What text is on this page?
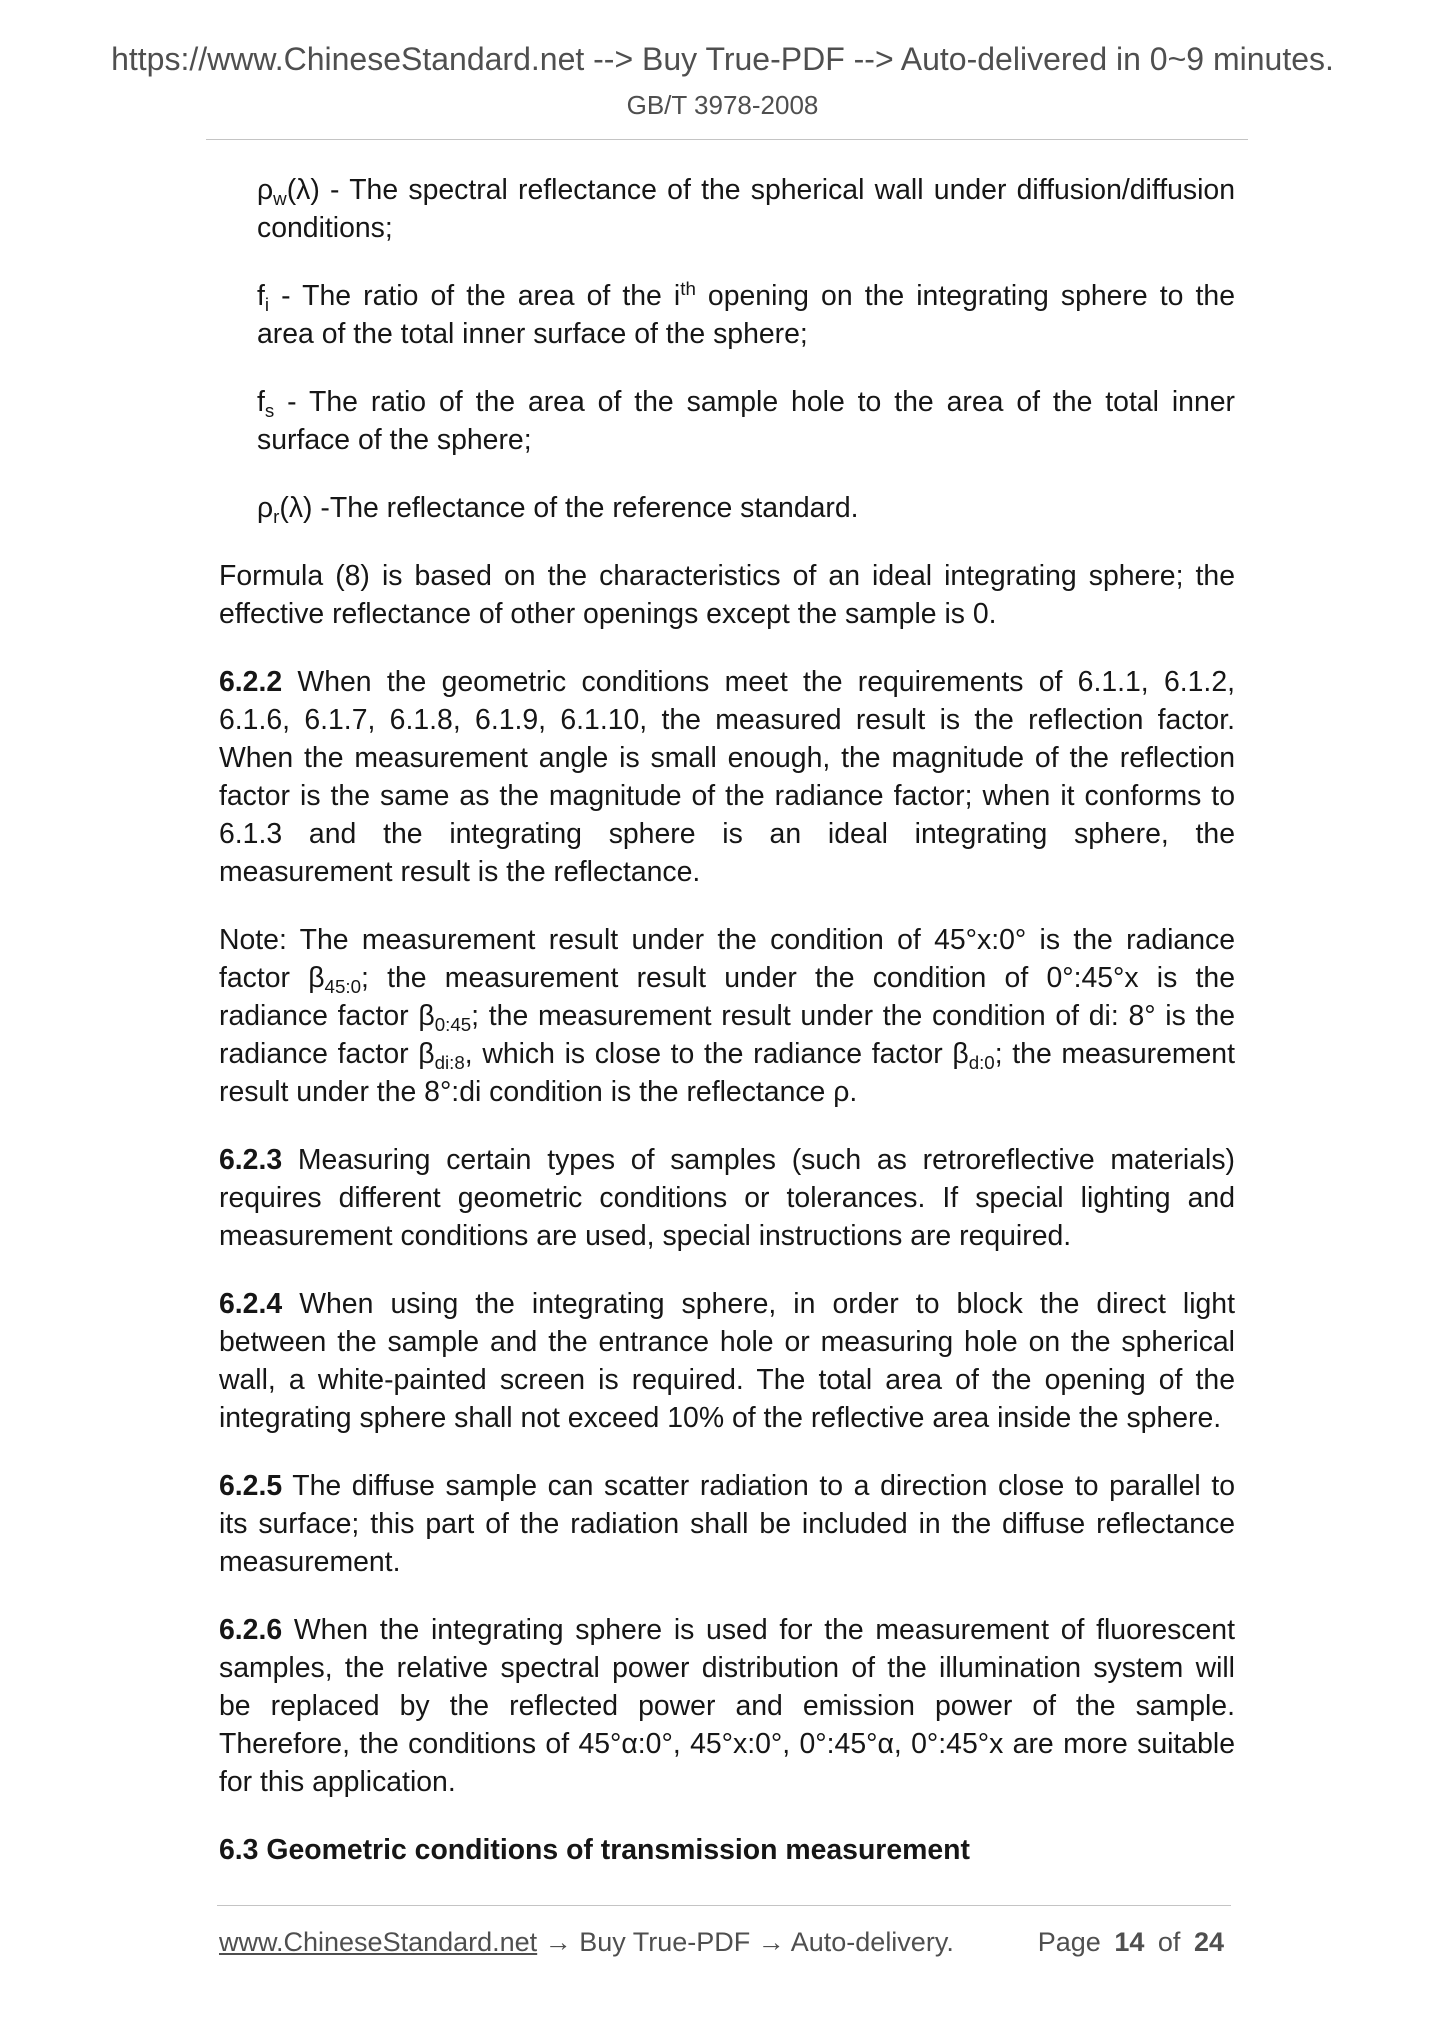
https://www.ChineseStandard.net --> Buy True-PDF --> Auto-delivered in 0~9 minutes.
GB/T 3978-2008
ρw(λ) - The spectral reflectance of the spherical wall under diffusion/diffusion
conditions;
fi - The ratio of the area of the $i^{th}$ opening on the integrating sphere to the
area of the total inner surface of the sphere;
fs - The ratio of the area of the sample hole to the area of the total inner
surface of the sphere;
ρr(λ) -The reflectance of the reference standard.
Formula (8) is based on the characteristics of an ideal integrating sphere; the
effective reflectance of other openings except the sample is 0.
6.2.2 When the geometric conditions meet the requirements of 6.1.1, 6.1.2,
6.1.6, 6.1.7, 6.1.8, 6.1.9, 6.1.10, the measured result is the reflection factor.
When the measurement angle is small enough, the magnitude of the reflection
factor is the same as the magnitude of the radiance factor; when it conforms to
6.1.3 and the integrating sphere is an ideal integrating sphere, the
measurement result is the reflectance.
Note: The measurement result under the condition of 45°x:0° is the radiance
factor β45:0; the measurement result under the condition of 0°:45°x is the
radiance factor β0:45; the measurement result under the condition of di: 8° is the
radiance factor βdi:8, which is close to the radiance factor βd:0; the measurement
result under the 8°:di condition is the reflectance ρ.
6.2.3 Measuring certain types of samples (such as retroreflective materials)
requires different geometric conditions or tolerances. If special lighting and
measurement conditions are used, special instructions are required.
6.2.4 When using the integrating sphere, in order to block the direct light
between the sample and the entrance hole or measuring hole on the spherical
wall, a white-painted screen is required. The total area of the opening of the
integrating sphere shall not exceed 10% of the reflective area inside the sphere.
6.2.5 The diffuse sample can scatter radiation to a direction close to parallel to
its surface; this part of the radiation shall be included in the diffuse reflectance
measurement.
6.2.6 When the integrating sphere is used for the measurement of fluorescent
samples, the relative spectral power distribution of the illumination system will
be replaced by the reflected power and emission power of the sample.
Therefore, the conditions of 45°α:0°, 45°x:0°, 0°:45°α, 0°:45°x are more suitable
for this application.
6.3 Geometric conditions of transmission measurement
www.ChineseStandard.net → Buy True-PDF → Auto-delivery.	Page 14 of 24
